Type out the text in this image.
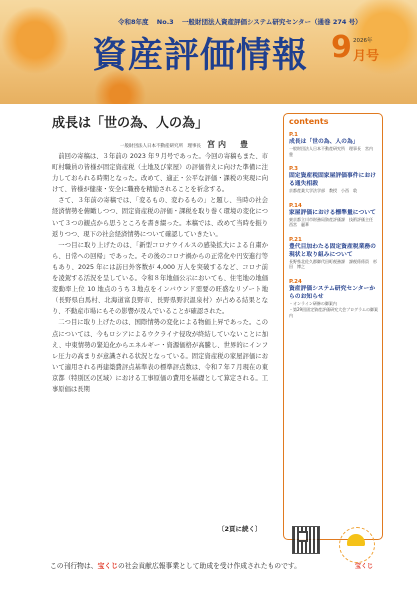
令和8年度 No.3 一般財団法人資産評価システム研究センター（通巻 274 号）
資産評価情報 9 2026年
月号
成長は「世の為、人の為」
一般財団法人日本不動産研究所　理事長 宮内　豊

前回の寄稿は、３年前の 2023 年９月号であった。今回の寄稿もまた、市町村職員の皆様が固定資産税（土地及び家屋）の評価替えに向けた準備に注力しておられる時期となった。改めて、適正・公平な評価・課税の実現に向けて、皆様が健康・安全に職務を精励されることを祈念する。

さて、３年前の寄稿では、「変るもの、変わるもの」と題し、当時の社会経済情勢を俯瞰しつつ、固定資産税の評価・課税を取り巻く環境の変化について３つの観点から思うところを書き綴った。本稿では、改めて当時を振り返りつつ、現下の社会経済情勢について確認していきたい。

一つ目に取り上げたのは、「新型コロナウイルスの感染拡大による自粛から、日常への回帰」であった。その後のコロナ禍からの正常化や円安進行等もあり、2025 年には訪日外客数が 4,000 万人を突破するなど、コロナ前を凌駕する活況を呈している。令和８年地価公示においても、住宅地の地価変動率上位 10 地点のうち３地点をインバウンド需要の旺盛なリゾート地（長野県白馬村、北海道富良野市、長野県野沢温泉村）が占める結果となり、不動産市場にもその影響が及んでいることが確認された。

二つ目に取り上げたのは、国際情勢の変化による物価上昇であった。この点については、今もロシアによるウクライナ侵攻が終結していないことに加え、中東情勢の緊迫化からエネルギー・資源価格が高騰し、世界的にインフレ圧力の高まりが意識される状況となっている。固定資産税の家屋評価において適用される再建築費評点基準表の標準評点数は、令和７年７月現在の東京都（特別区の区域）における工事原価の費用を基礎として算定される。工事原価は長期

〔2頁に続く〕
contents
P.1
成長は「世の為、人の為」
一般財団法人日本不動産研究所　理事長　宮内　豊
P.3
固定資産税固家屋評価事件における通失相殺
京都産業大学法学部　教授　小西　敦
P.14
家屋評価における標準量について
東京都立川市財務局資産評価課　技術評価主任　西宮　麗華
P.21
豊代目加わたる固定資産税業務の現状と取り組みについて
長野県北佐久郡御代田町税務課　課税係係員　杉田　博之
P.24
資産評価システム研究センターからのお知らせ
・オンライン研修の御案内
・第29回固定資産評価研究大会プログラムの御案内
宝くじ
この刊行物は、宝くじの社会貢献広報事業として助成を受け作成されたものです。
